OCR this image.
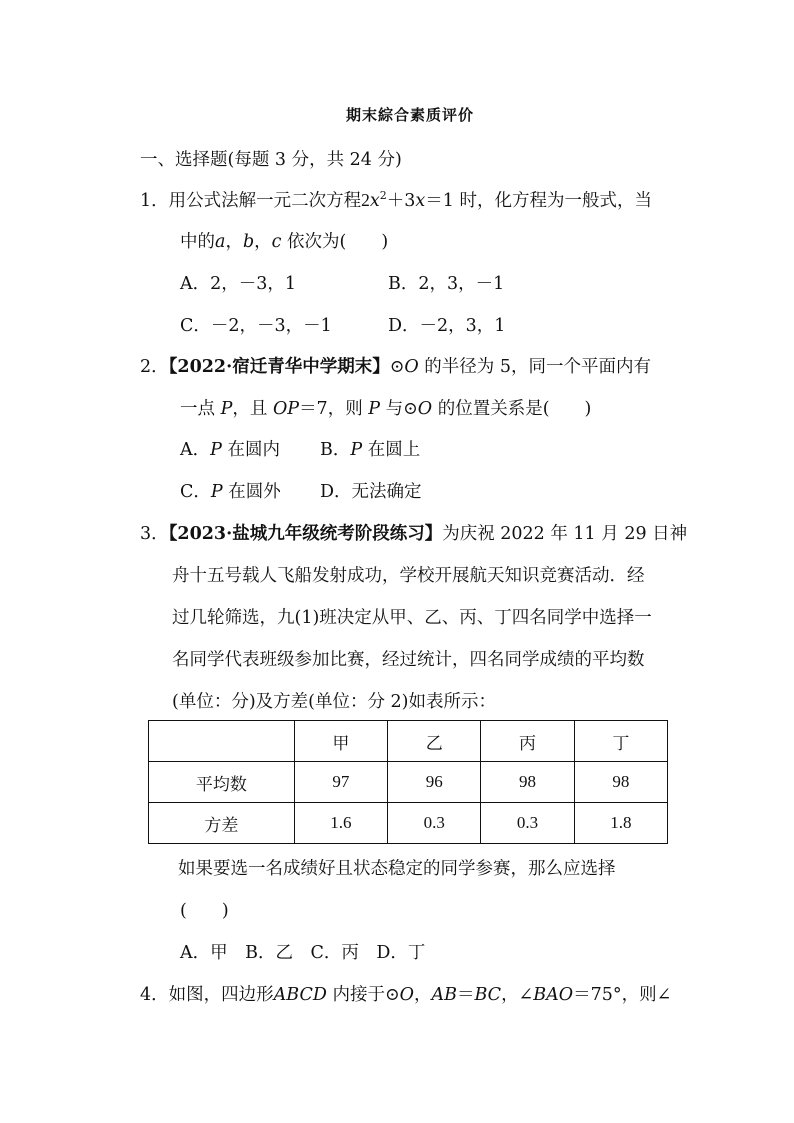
期末綜合素质评价
一、选择题(每题 3 分，共 24 分)
1．用公式法解一元二次方程$2x^2+3x=1$ 时，化方程为一般式，当
中的a，b，c 依次为(　　)
A．2，－3，1	B．2，3，－1
C．－2，－3，－1	D．－2，3，1
2．【2022·宿迁青华中学期末】⊙O 的半径为 5，同一个平面内有
一点 P，且 OP＝7，则 P 与⊙O 的位置关系是(　　)
A．P 在圆内 B．P 在圆上
C．P 在圆外 D．无法确定
3．【2023·盐城九年级统考阶段练习】为庆祝 2022 年 11 月 29 日神
舟十五号载人飞船发射成功，学校开展航天知识竞赛活动．经
过几轮筛选，九(1)班决定从甲、乙、丙、丁四名同学中选择一
名同学代表班级参加比赛，经过统计，四名同学成绩的平均数
(单位：分)及方差(单位：分 2)如表所示：
	甲	乙	丙	丁
平均数	97	96	98	98
方差	1.6	0.3	0.3	1.8
如果要选一名成绩好且状态稳定的同学参赛，那么应选择
(　　)
A．甲　B．乙　C．丙　D．丁
4．如图，四边形ABCD 内接于⊙O，AB＝BC，∠BAO＝75°，则∠
